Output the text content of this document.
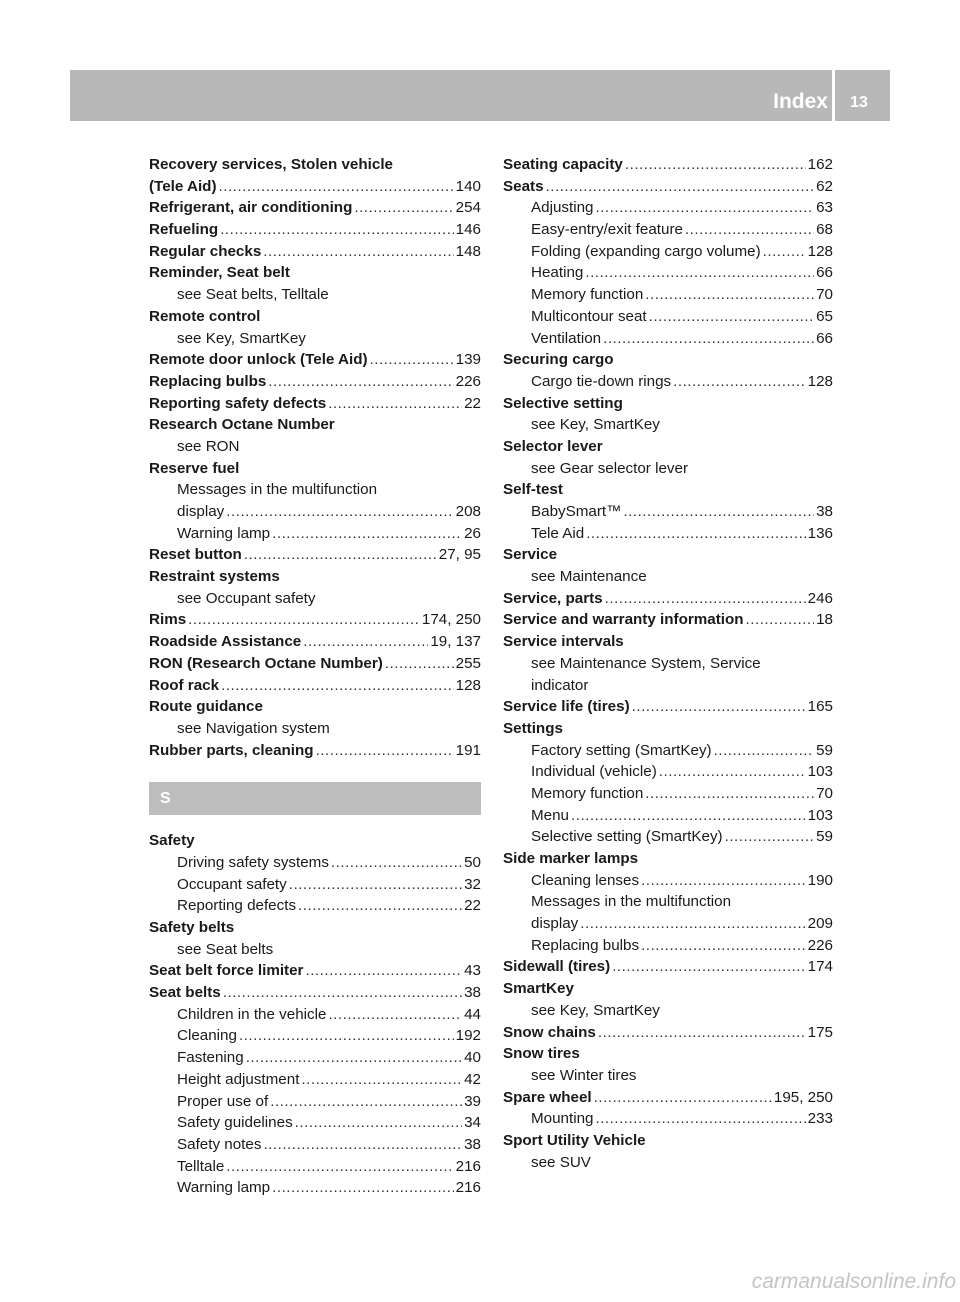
Index	13
Recovery services, Stolen vehicle
(Tele Aid) .....	140
Refrigerant, air conditioning .....	254
Refueling .....	146
Regular checks .....	148
Reminder, Seat belt
see Seat belts, Telltale
Remote control
see Key, SmartKey
Remote door unlock (Tele Aid) .....	139
Replacing bulbs .....	226
Reporting safety defects .....	22
Research Octane Number
see RON
Reserve fuel
Messages in the multifunction
display .....	208
Warning lamp .....	26
Reset button .....	27, 95
Restraint systems
see Occupant safety
Rims .....	174, 250
Roadside Assistance .....	19, 137
RON (Research Octane Number) .....	255
Roof rack .....	128
Route guidance
see Navigation system
Rubber parts, cleaning .....	191
S
Safety
Driving safety systems .....	50
Occupant safety .....	32
Reporting defects .....	22
Safety belts
see Seat belts
Seat belt force limiter .....	43
Seat belts .....	38
Children in the vehicle .....	44
Cleaning .....	192
Fastening .....	40
Height adjustment .....	42
Proper use of .....	39
Safety guidelines .....	34
Safety notes .....	38
Telltale .....	216
Warning lamp .....	216
Seating capacity .....	162
Seats .....	62
Adjusting .....	63
Easy-entry/exit feature .....	68
Folding (expanding cargo volume) .....	128
Heating .....	66
Memory function .....	70
Multicontour seat .....	65
Ventilation .....	66
Securing cargo
Cargo tie-down rings .....	128
Selective setting
see Key, SmartKey
Selector lever
see Gear selector lever
Self-test
BabySmart™ .....	38
Tele Aid .....	136
Service
see Maintenance
Service, parts .....	246
Service and warranty information .....	18
Service intervals
see Maintenance System, Service
indicator
Service life (tires) .....	165
Settings
Factory setting (SmartKey) .....	59
Individual (vehicle) .....	103
Memory function .....	70
Menu .....	103
Selective setting (SmartKey) .....	59
Side marker lamps
Cleaning lenses .....	190
Messages in the multifunction
display .....	209
Replacing bulbs .....	226
Sidewall (tires) .....	174
SmartKey
see Key, SmartKey
Snow chains .....	175
Snow tires
see Winter tires
Spare wheel .....	195, 250
Mounting .....	233
Sport Utility Vehicle
see SUV
carmanualsonline.info
